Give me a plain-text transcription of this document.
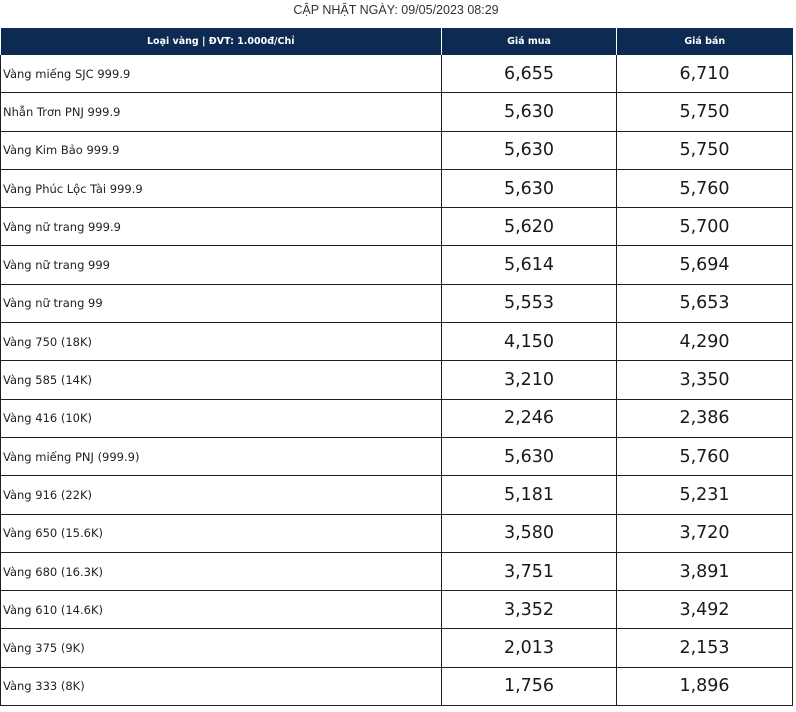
CẬP NHẬT NGÀY: 09/05/2023 08:29
Loại vàng | ĐVT: 1.000đ/Chỉ	Giá mua	Giá bán
Vàng miếng SJC 999.9	6,655	6,710
Nhẫn Trơn PNJ 999.9	5,630	5,750
Vàng Kim Bảo 999.9	5,630	5,750
Vàng Phúc Lộc Tài 999.9	5,630	5,760
Vàng nữ trang 999.9	5,620	5,700
Vàng nữ trang 999	5,614	5,694
Vàng nữ trang 99	5,553	5,653
Vàng 750 (18K)	4,150	4,290
Vàng 585 (14K)	3,210	3,350
Vàng 416 (10K)	2,246	2,386
Vàng miếng PNJ (999.9)	5,630	5,760
Vàng 916 (22K)	5,181	5,231
Vàng 650 (15.6K)	3,580	3,720
Vàng 680 (16.3K)	3,751	3,891
Vàng 610 (14.6K)	3,352	3,492
Vàng 375 (9K)	2,013	2,153
Vàng 333 (8K)	1,756	1,896
